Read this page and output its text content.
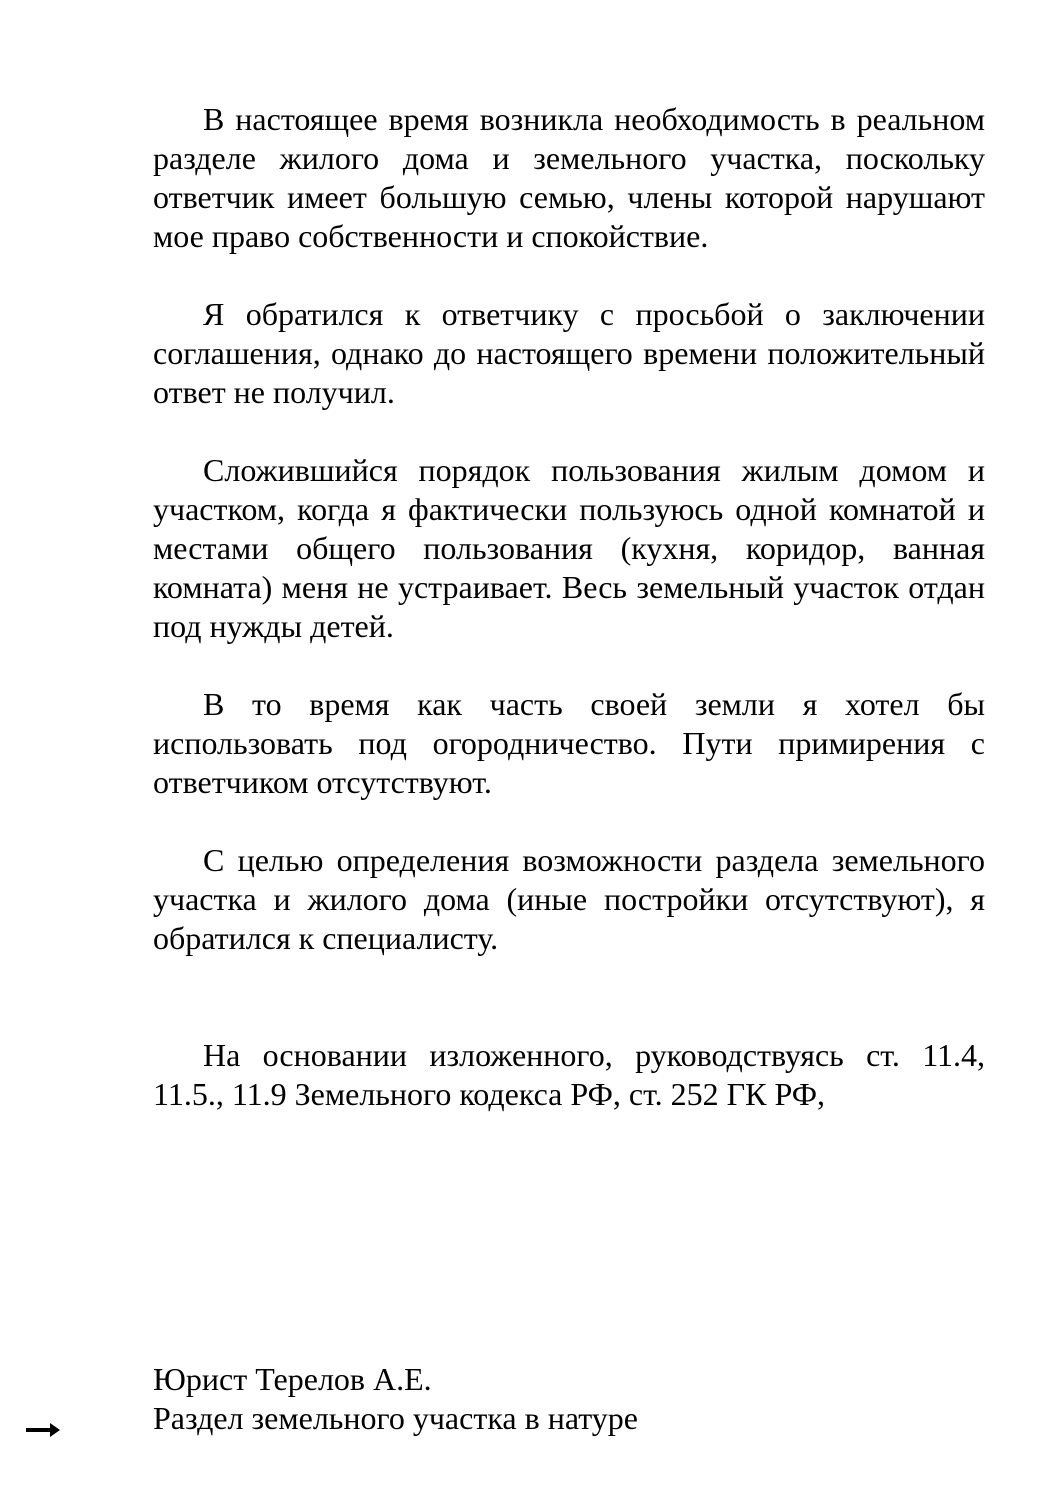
В настоящее время возникла необходимость в реальном разделе жилого дома и земельного участка, поскольку ответчик имеет большую семью, члены которой нарушают мое право собственности и спокойствие.

Я обратился к ответчику с просьбой о заключении соглашения, однако до настоящего времени положительный ответ не получил.

Сложившийся порядок пользования жилым домом и участком, когда я фактически пользуюсь одной комнатой и местами общего пользования (кухня, коридор, ванная комната) меня не устраивает. Весь земельный участок отдан под нужды детей.

В то время как часть своей земли я хотел бы использовать под огородничество. Пути примирения с ответчиком отсутствуют.

С целью определения возможности раздела земельного участка и жилого дома (иные постройки отсутствуют), я обратился к специалисту.

На основании изложенного, руководствуясь ст. 11.4, 11.5., 11.9 Земельного кодекса РФ, ст. 252 ГК РФ,

Юрист Терелов А.Е.
Раздел земельного участка в натуре
